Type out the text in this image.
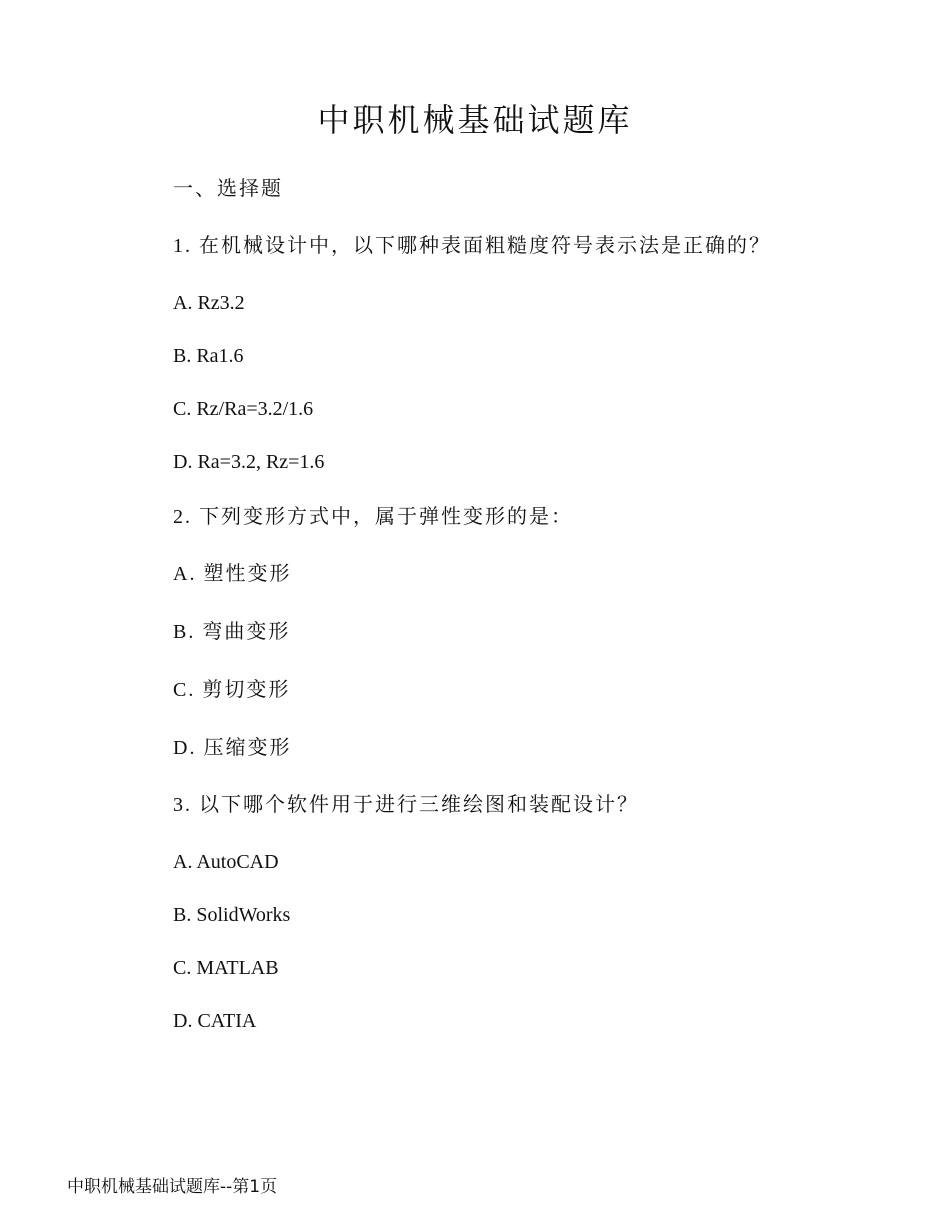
中职机械基础试题库
一、选择题
1. 在机械设计中，以下哪种表面粗糙度符号表示法是正确的？
A. Rz3.2
B. Ra1.6
C. Rz/Ra=3.2/1.6
D. Ra=3.2, Rz=1.6
2. 下列变形方式中，属于弹性变形的是：
A. 塑性变形
B. 弯曲变形
C. 剪切变形
D. 压缩变形
3. 以下哪个软件用于进行三维绘图和装配设计？
A. AutoCAD
B. SolidWorks
C. MATLAB
D. CATIA
中职机械基础试题库--第1页
